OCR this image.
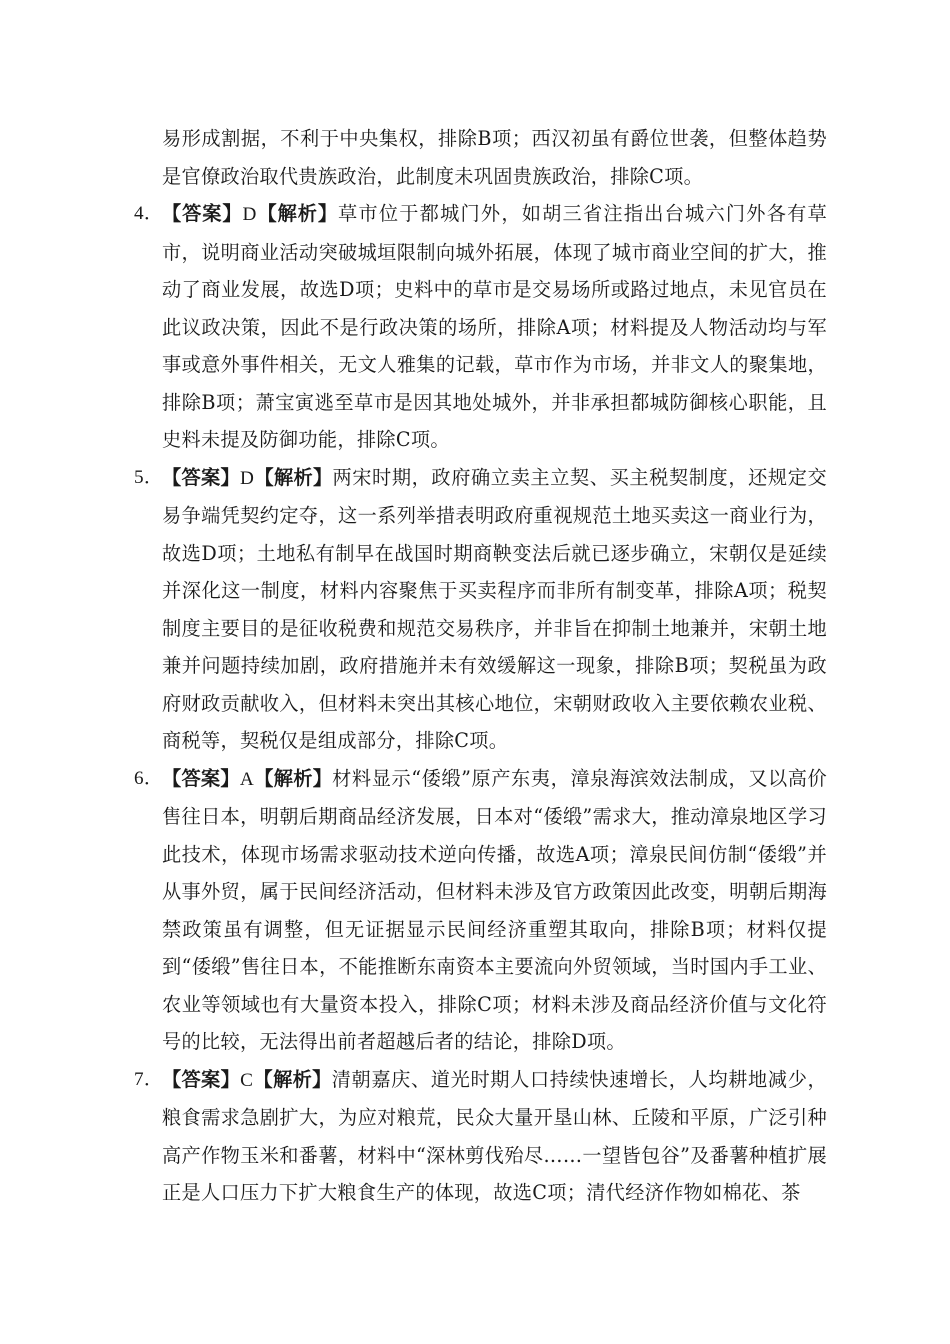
易形成割据，不利于中央集权，排除B项；西汉初虽有爵位世袭，但整体趋势是官僚政治取代贵族政治，此制度未巩固贵族政治，排除C项。
4．
【答案】D【解析】草市位于都城门外，如胡三省注指出台城六门外各有草市，说明商业活动突破城垣限制向城外拓展，体现了城市商业空间的扩大，推动了商业发展，故选D项；史料中的草市是交易场所或路过地点，未见官员在此议政决策，因此不是行政决策的场所，排除A项；材料提及人物活动均与军事或意外事件相关，无文人雅集的记载，草市作为市场，并非文人的聚集地，排除B项；萧宝寅逃至草市是因其地处城外，并非承担都城防御核心职能，且史料未提及防御功能，排除C项。
5．
【答案】D【解析】两宋时期，政府确立卖主立契、买主税契制度，还规定交易争端凭契约定夺，这一系列举措表明政府重视规范土地买卖这一商业行为，故选D项；土地私有制早在战国时期商鞅变法后就已逐步确立，宋朝仅是延续并深化这一制度，材料内容聚焦于买卖程序而非所有制变革，排除A项；税契制度主要目的是征收税费和规范交易秩序，并非旨在抑制土地兼并，宋朝土地兼并问题持续加剧，政府措施并未有效缓解这一现象，排除B项；契税虽为政府财政贡献收入，但材料未突出其核心地位，宋朝财政收入主要依赖农业税、商税等，契税仅是组成部分，排除C项。
6．
【答案】A【解析】材料显示“倭缎”原产东夷，漳泉海滨效法制成，又以高价售往日本，明朝后期商品经济发展，日本对“倭缎”需求大，推动漳泉地区学习此技术，体现市场需求驱动技术逆向传播，故选A项；漳泉民间仿制“倭缎”并从事外贸，属于民间经济活动，但材料未涉及官方政策因此改变，明朝后期海禁政策虽有调整，但无证据显示民间经济重塑其取向，排除B项；材料仅提到“倭缎”售往日本，不能推断东南资本主要流向外贸领域，当时国内手工业、农业等领域也有大量资本投入，排除C项；材料未涉及商品经济价值与文化符号的比较，无法得出前者超越后者的结论，排除D项。
7．
【答案】C【解析】清朝嘉庆、道光时期人口持续快速增长，人均耕地减少，粮食需求急剧扩大，为应对粮荒，民众大量开垦山林、丘陵和平原，广泛引种高产作物玉米和番薯，材料中“深林剪伐殆尽……一望皆包谷”及番薯种植扩展正是人口压力下扩大粮食生产的体现，故选C项；清代经济作物如棉花、茶
